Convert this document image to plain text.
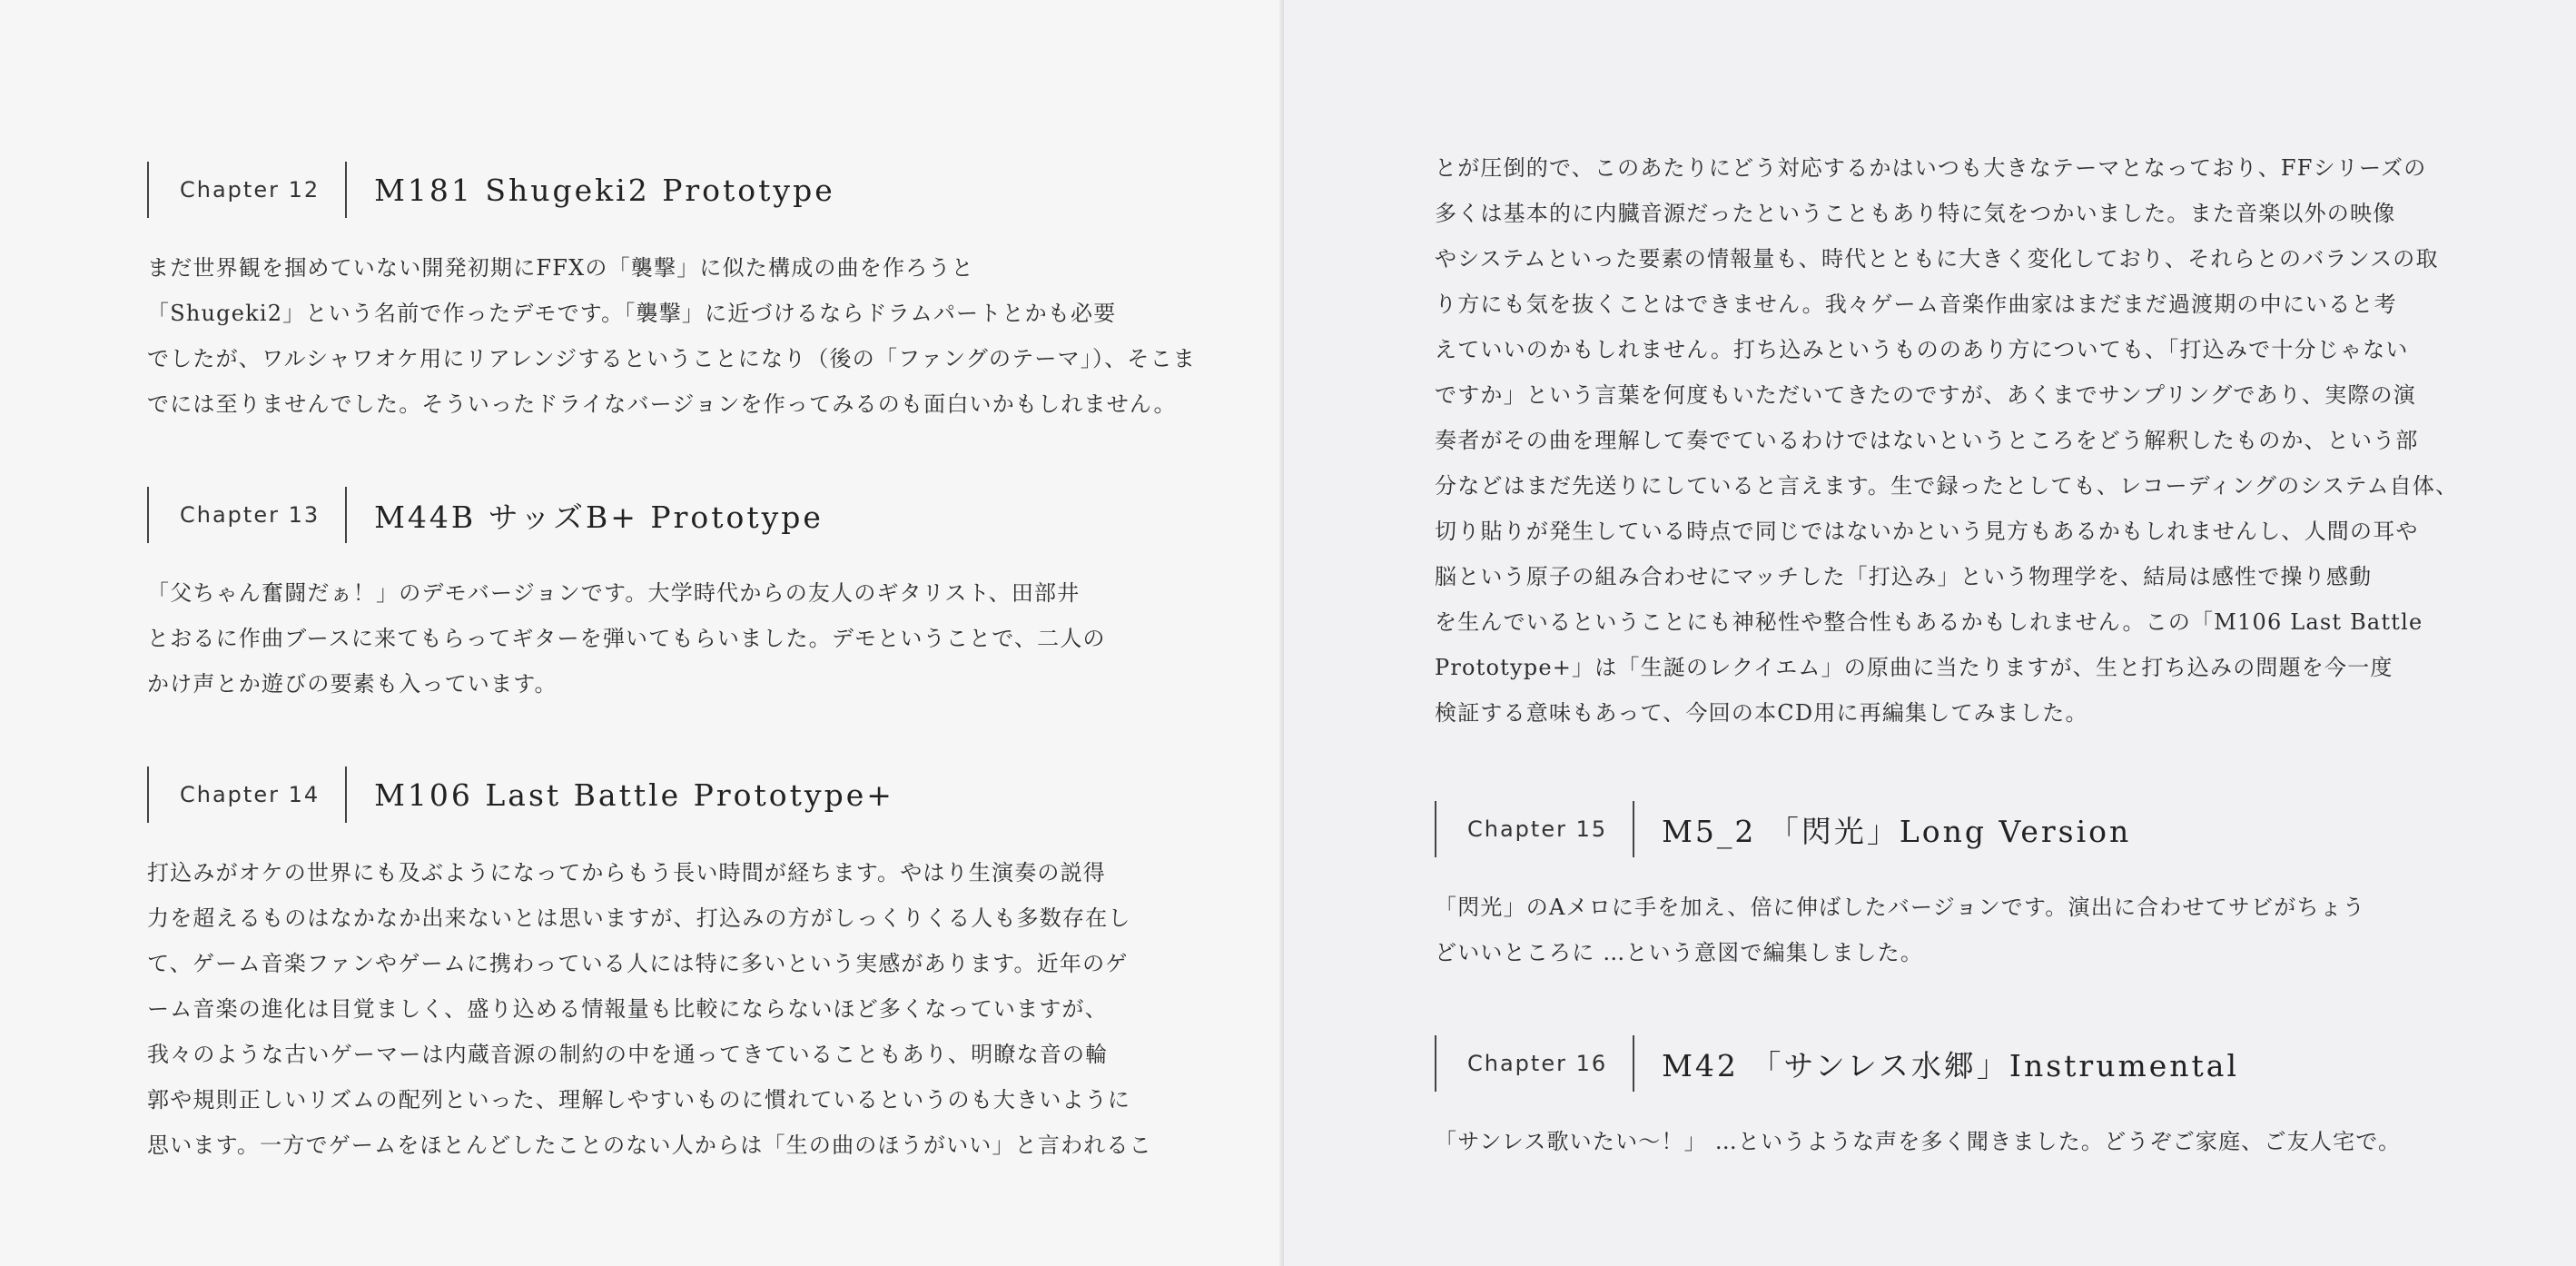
Chapter 12	M181 Shugeki2 Prototype
まだ世界観を掴めていない開発初期にFFXの「襲撃」に似た構成の曲を作ろうと
「Shugeki2」という名前で作ったデモです。「襲撃」に近づけるならドラムパートとかも必要
でしたが、ワルシャワオケ用にリアレンジするということになり（後の「ファングのテーマ」）、そこま
でには至りませんでした。そういったドライなバージョンを作ってみるのも面白いかもしれません。
Chapter 13	M44B サッズB+ Prototype
「父ちゃん奮闘だぁ！」のデモバージョンです。大学時代からの友人のギタリスト、田部井
とおるに作曲ブースに来てもらってギターを弾いてもらいました。デモということで、二人の
かけ声とか遊びの要素も入っています。
Chapter 14	M106 Last Battle Prototype+
打込みがオケの世界にも及ぶようになってからもう長い時間が経ちます。やはり生演奏の説得
力を超えるものはなかなか出来ないとは思いますが、打込みの方がしっくりくる人も多数存在し
て、ゲーム音楽ファンやゲームに携わっている人には特に多いという実感があります。近年のゲ
ーム音楽の進化は目覚ましく、盛り込める情報量も比較にならないほど多くなっていますが、
我々のような古いゲーマーは内蔵音源の制約の中を通ってきていることもあり、明瞭な音の輪
郭や規則正しいリズムの配列といった、理解しやすいものに慣れているというのも大きいように
思います。一方でゲームをほとんどしたことのない人からは「生の曲のほうがいい」と言われるこ
とが圧倒的で、このあたりにどう対応するかはいつも大きなテーマとなっており、FFシリーズの
多くは基本的に内臓音源だったということもあり特に気をつかいました。また音楽以外の映像
やシステムといった要素の情報量も、時代とともに大きく変化しており、それらとのバランスの取
り方にも気を抜くことはできません。我々ゲーム音楽作曲家はまだまだ過渡期の中にいると考
えていいのかもしれません。打ち込みというもののあり方についても、「打込みで十分じゃない
ですか」という言葉を何度もいただいてきたのですが、あくまでサンプリングであり、実際の演
奏者がその曲を理解して奏でているわけではないというところをどう解釈したものか、という部
分などはまだ先送りにしていると言えます。生で録ったとしても、レコーディングのシステム自体、
切り貼りが発生している時点で同じではないかという見方もあるかもしれませんし、人間の耳や
脳という原子の組み合わせにマッチした「打込み」という物理学を、結局は感性で操り感動
を生んでいるということにも神秘性や整合性もあるかもしれません。この「M106 Last Battle
Prototype+」は「生誕のレクイエム」の原曲に当たりますが、生と打ち込みの問題を今一度
検証する意味もあって、今回の本CD用に再編集してみました。
Chapter 15	M5_2 「閃光」Long Version
「閃光」のAメロに手を加え、倍に伸ばしたバージョンです。演出に合わせてサビがちょう
どいいところに …という意図で編集しました。
Chapter 16	M42 「サンレス水郷」Instrumental
「サンレス歌いたい～！」 …というような声を多く聞きました。どうぞご家庭、ご友人宅で。
